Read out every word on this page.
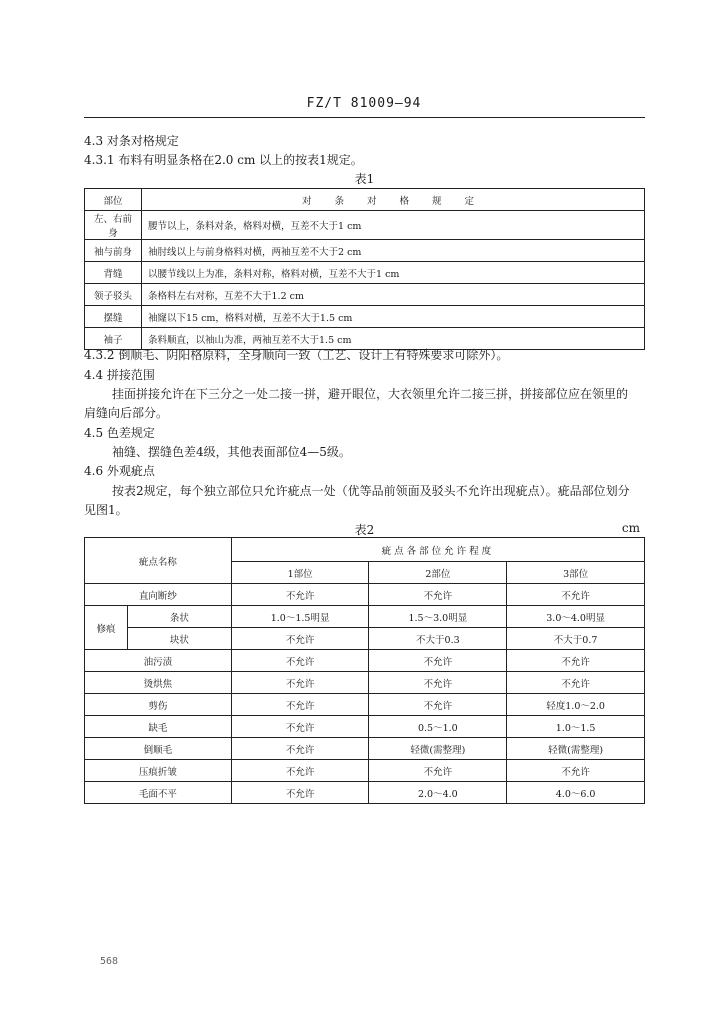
FZ/T 81009—94
4.3 对条对格规定
4.3.1 布料有明显条格在2.0 cm 以上的按表1规定。
表1
部位	对 条 对 格 规 定
左、右前身	腰节以上，条料对条，格料对横，互差不大于1 cm
袖与前身	袖肘线以上与前身格料对横，两袖互差不大于2 cm
背缝	以腰节线以上为准，条料对称，格料对横，互差不大于1 cm
领子驳头	条格料左右对称，互差不大于1.2 cm
摆缝	袖窿以下15 cm，格料对横，互差不大于1.5 cm
袖子	条料顺直，以袖山为准，两袖互差不大于1.5 cm
4.3.2 倒顺毛、阴阳格原料，全身顺向一致（工艺、设计上有特殊要求可除外）。
4.4 拼接范围
挂面拼接允许在下三分之一处二接一拼，避开眼位，大衣领里允许二接三拼，拼接部位应在领里的
肩缝向后部分。
4.5 色差规定
袖缝、摆缝色差4级，其他表面部位4—5级。
4.6 外观疵点
按表2规定，每个独立部位只允许疵点一处（优等品前领面及驳头不允许出现疵点）。疵品部位划分
见图1。
表2	cm
疵点名称		疵点各部位允许程度		
		1部位	2部位	3部位
直向断纱		不允许	不允许	不允许
修痕	条状	1.0～1.5明显	1.5～3.0明显	3.0～4.0明显
	块状	不允许	不大于0.3	不大于0.7
油污渍		不允许	不允许	不允许
烫烘焦		不允许	不允许	不允许
剪伤		不允许	不允许	轻度1.0～2.0
缺毛		不允许	0.5～1.0	1.0～1.5
倒顺毛		不允许	轻微(需整理)	轻微(需整理)
压痕折皱		不允许	不允许	不允许
毛面不平		不允许	2.0～4.0	4.0～6.0
568
